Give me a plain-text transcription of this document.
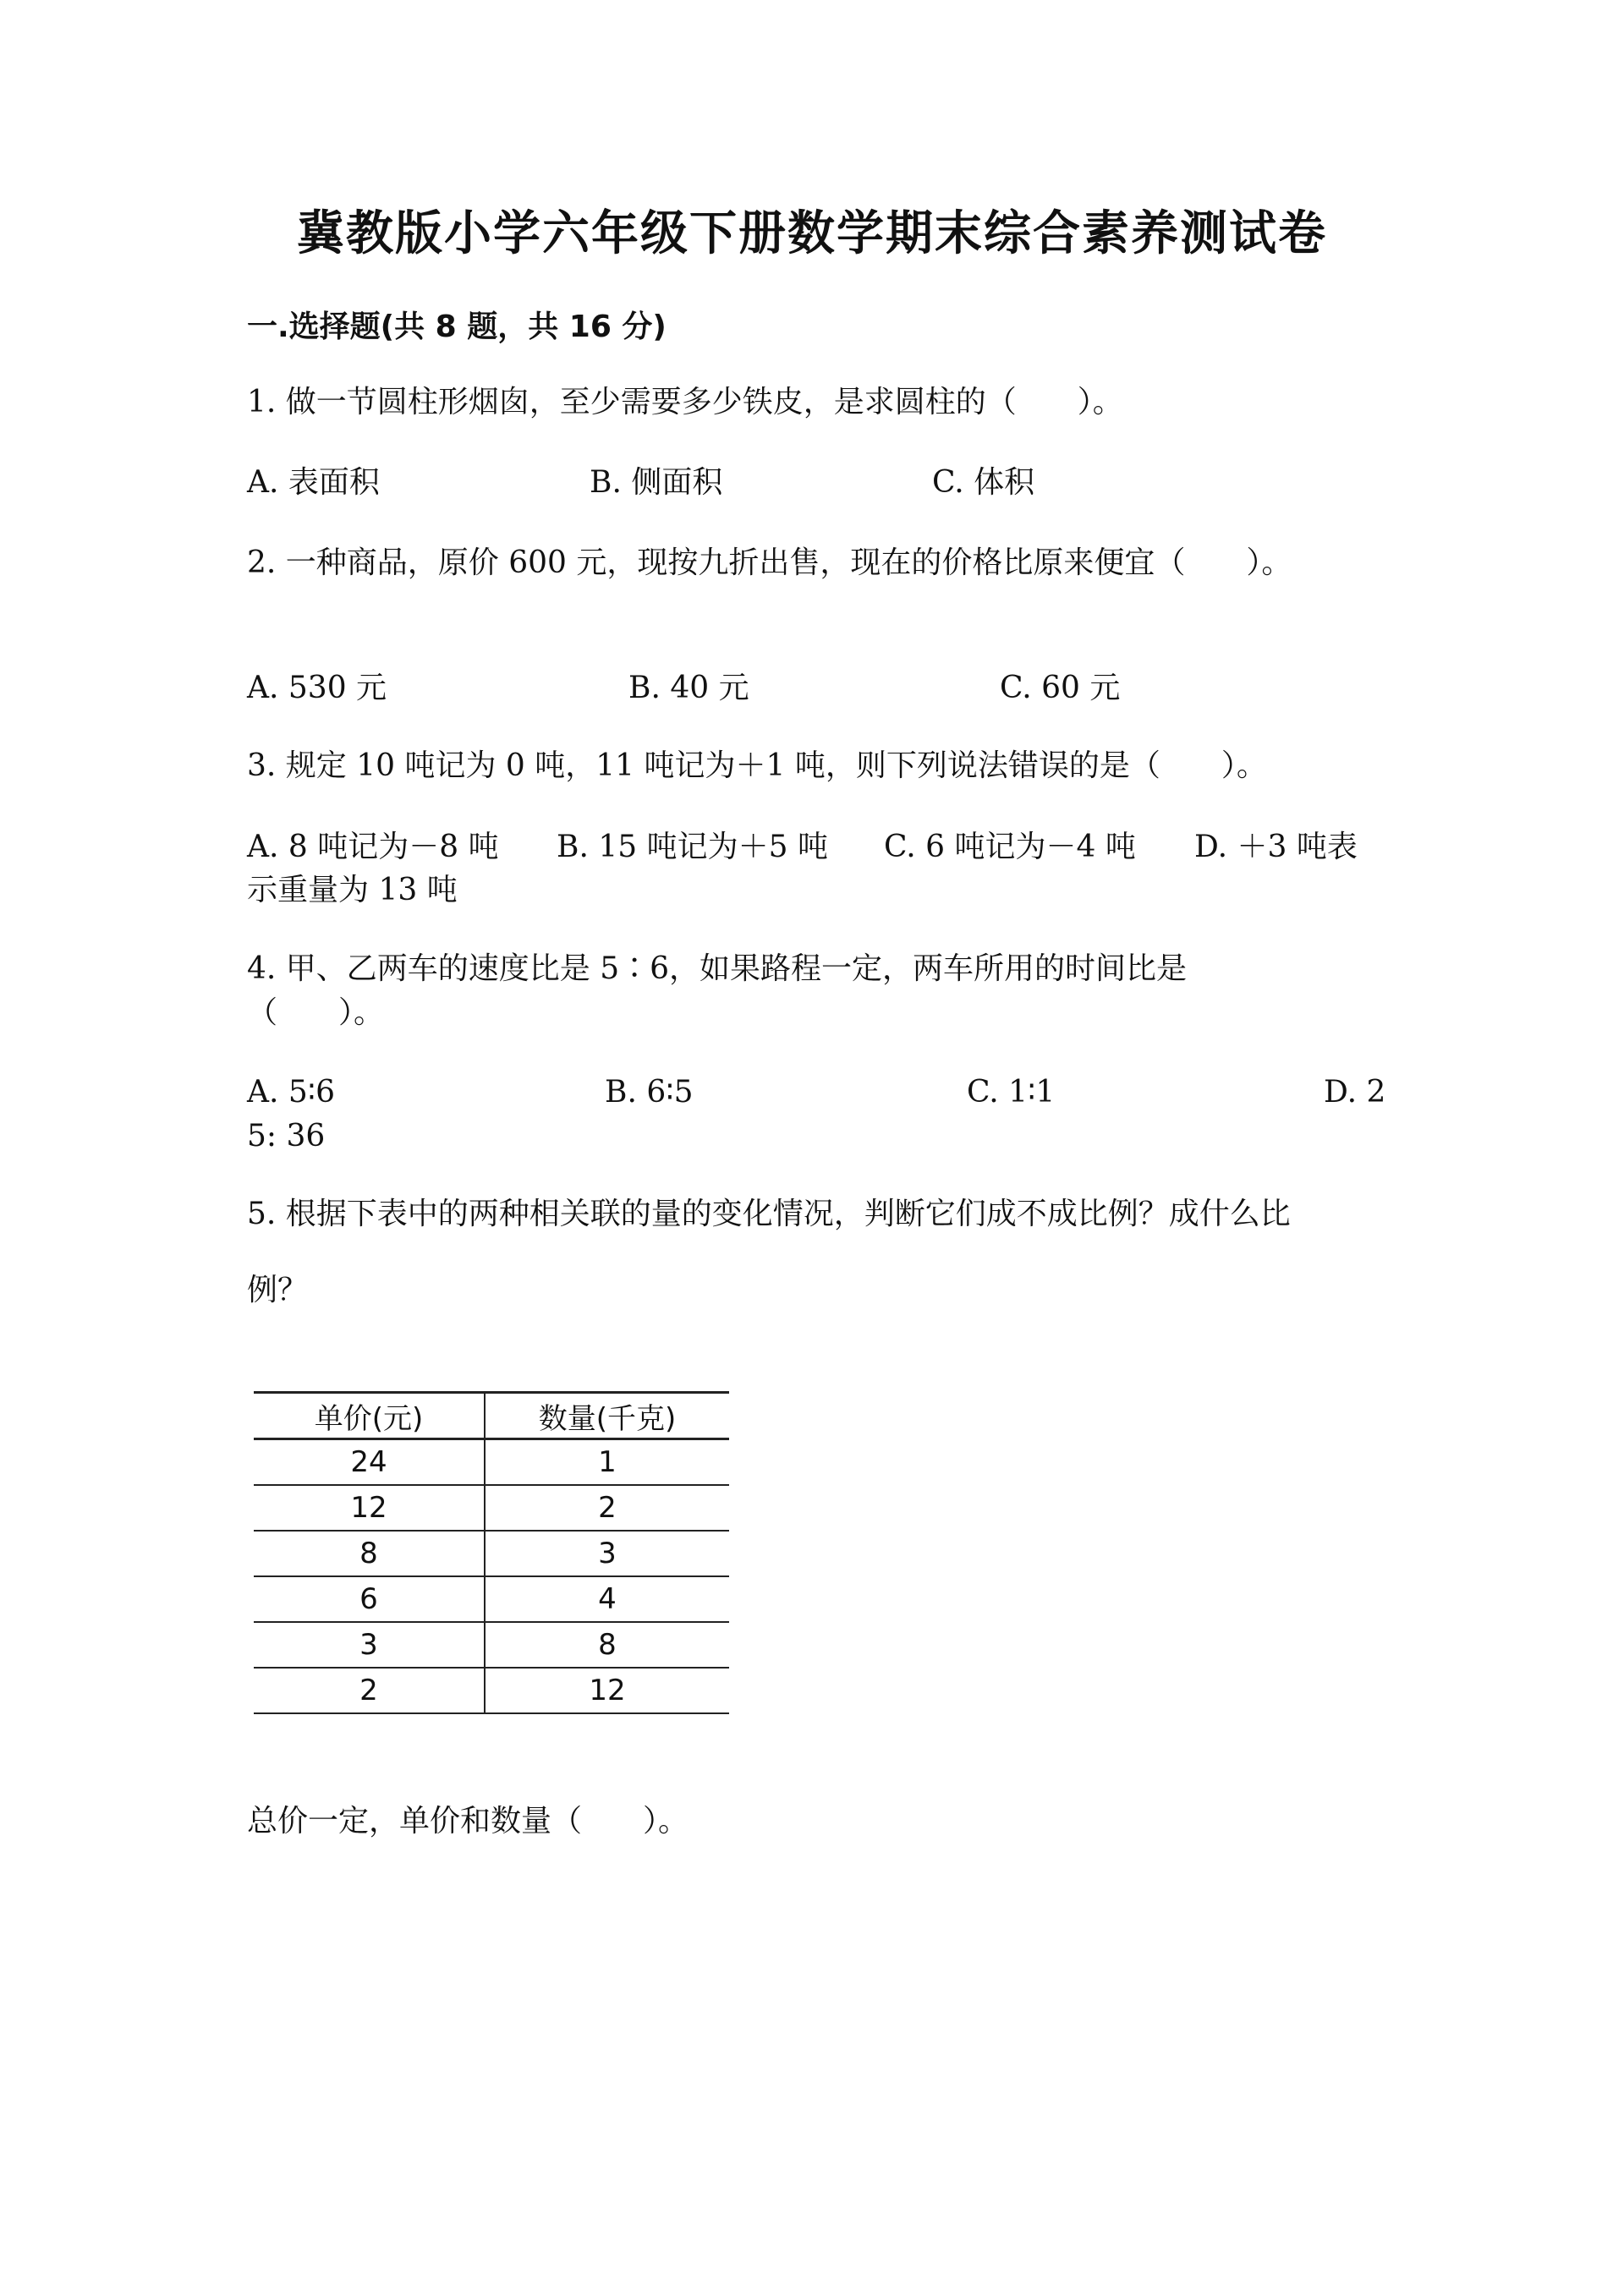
冀教版小学六年级下册数学期末综合素养测试卷
一.选择题(共 8 题，共 16 分)
1. 做一节圆柱形烟囱，至少需要多少铁皮，是求圆柱的（　　）。
A. 表面积	B. 侧面积	C. 体积
2. 一种商品，原价 600 元，现按九折出售，现在的价格比原来便宜（　　）。
A. 530 元	B. 40 元	C. 60 元
3. 规定 10 吨记为 0 吨，11 吨记为＋1 吨，则下列说法错误的是（　　）。
A. 8 吨记为－8 吨 B. 15 吨记为＋5 吨 C. 6 吨记为－4 吨 D. ＋3 吨表
示重量为 13 吨
4. 甲、乙两车的速度比是 5∶6，如果路程一定，两车所用的时间比是
（　　）。
A. 5∶6	B. 6∶5	C. 1∶1	D. 2
5: 36
5. 根据下表中的两种相关联的量的变化情况，判断它们成不成比例？成什么比
例？
单价(元)	数量(千克)
24	1
12	2
8	3
6	4
3	8
2	12
总价一定，单价和数量（　　）。
